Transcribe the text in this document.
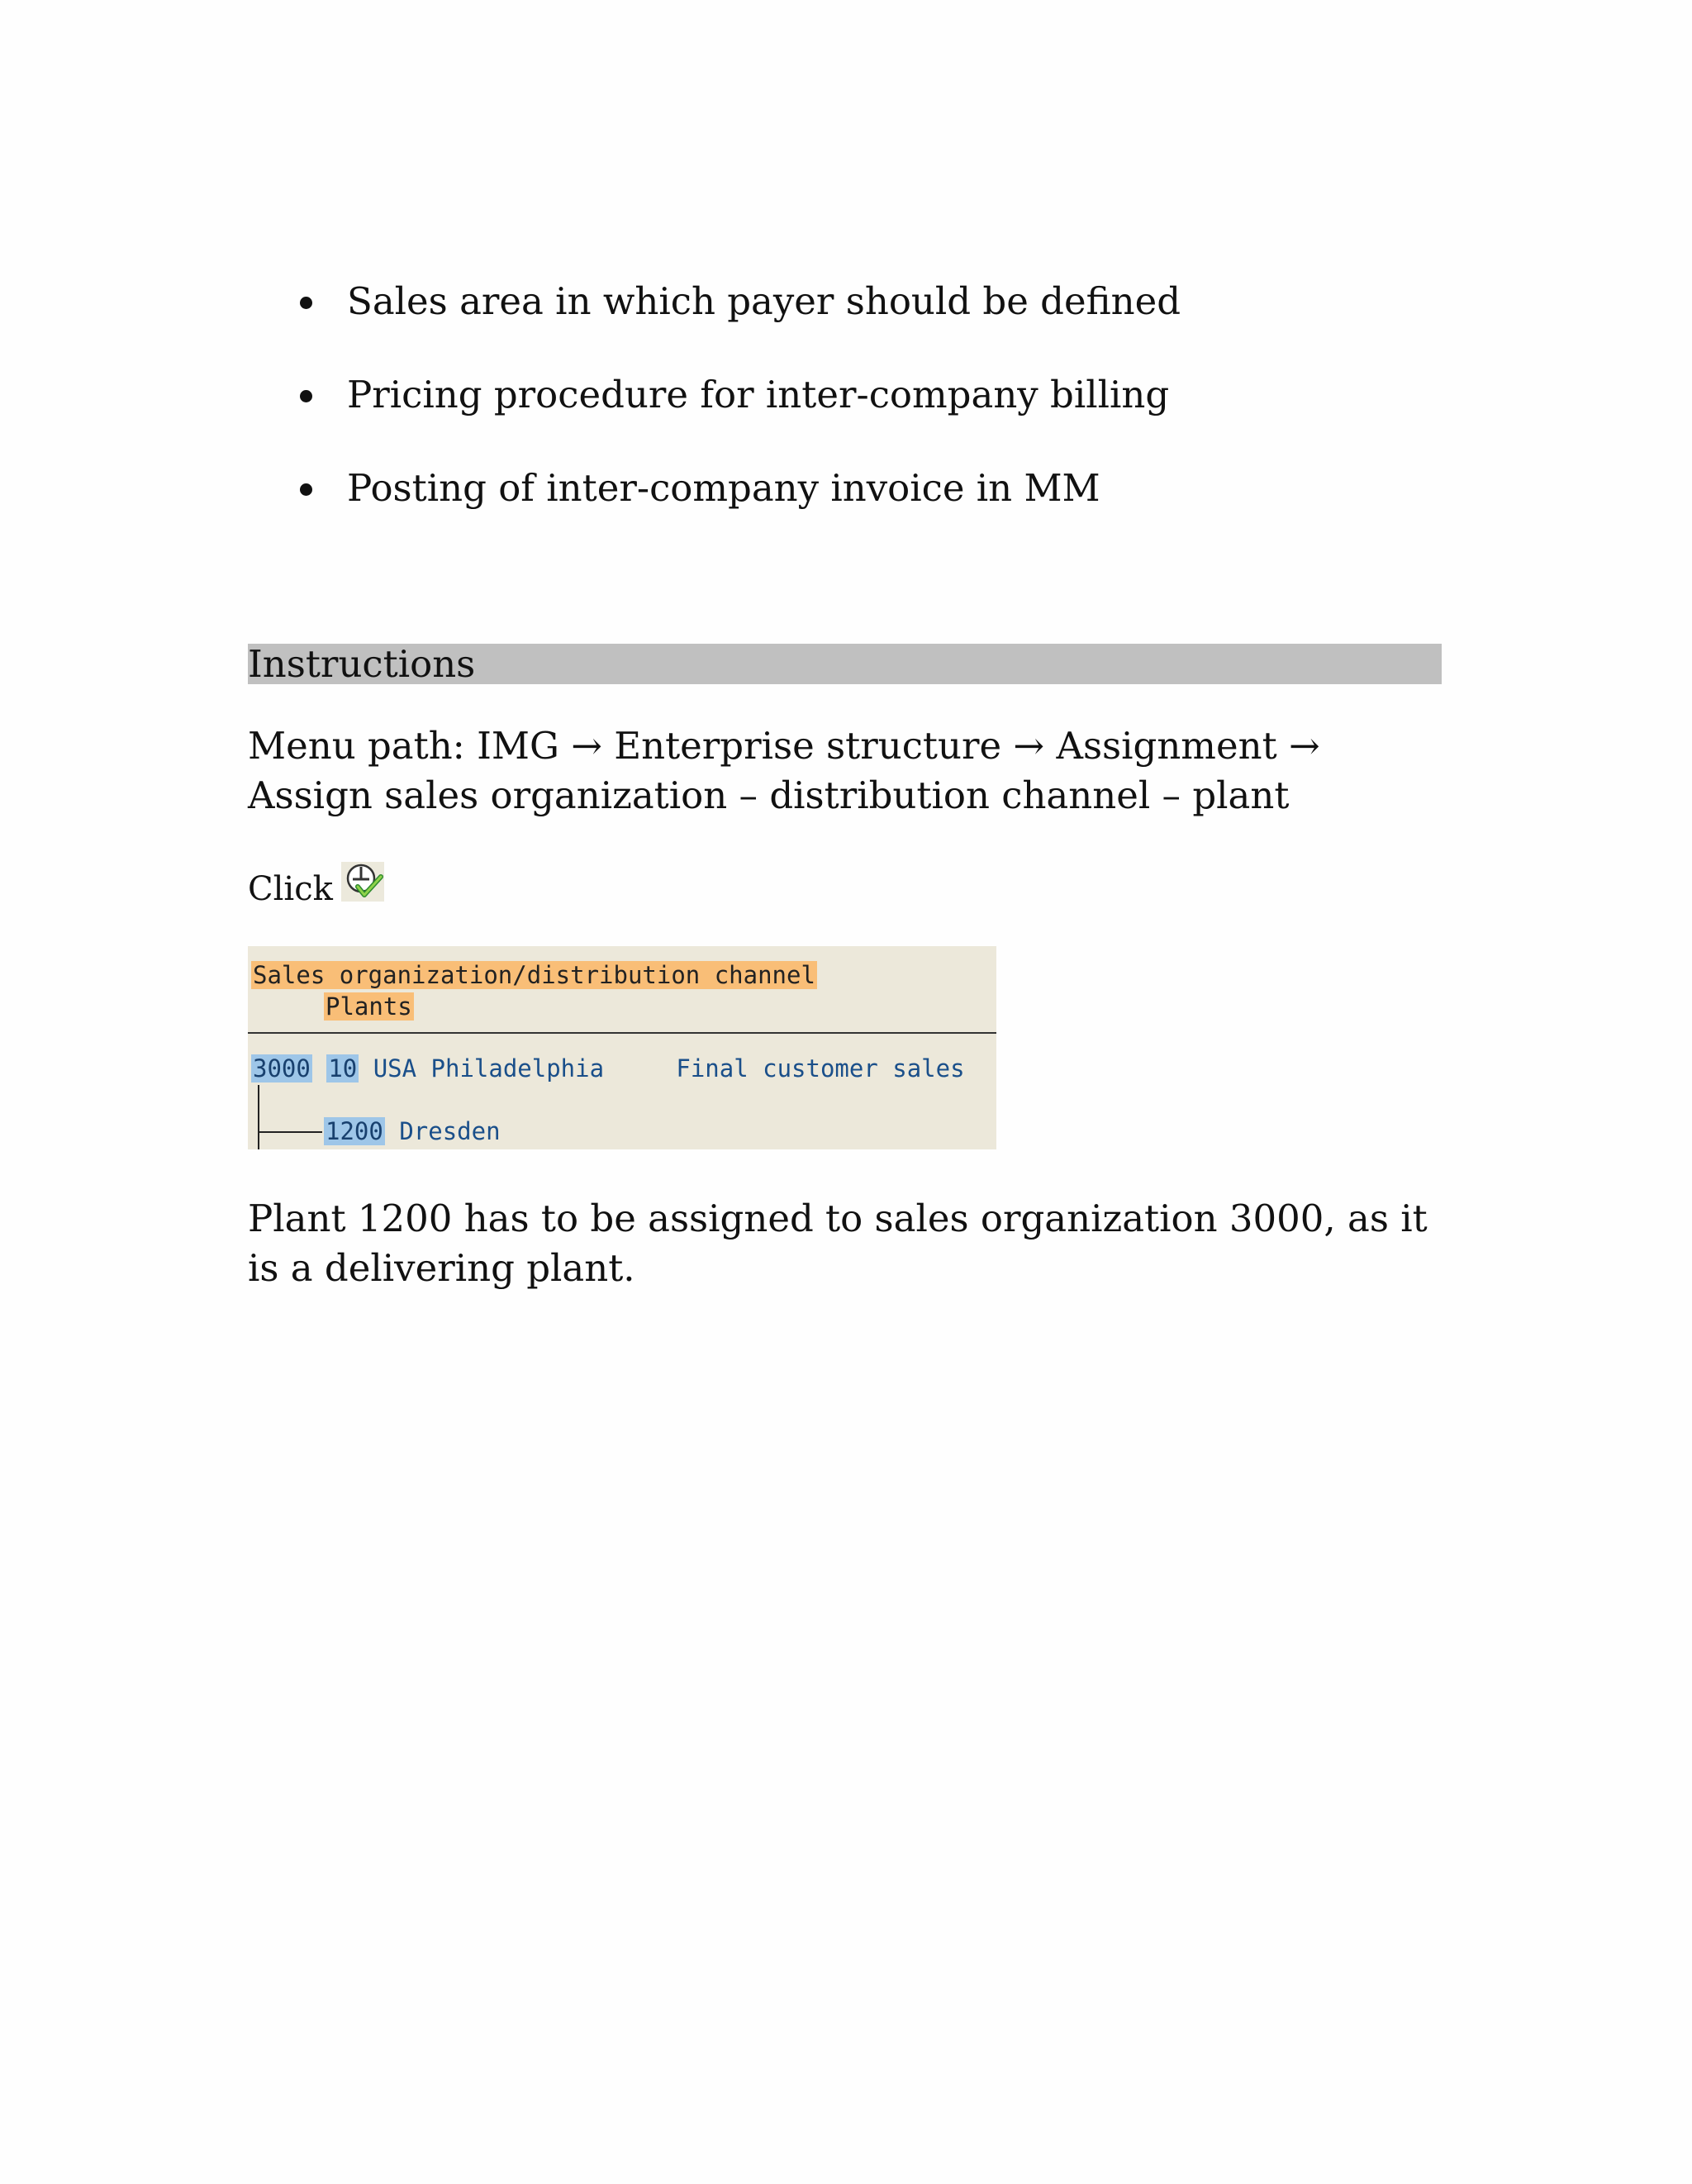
Sales area in which payer should be defined
Pricing procedure for inter-company billing
Posting of inter-company invoice in MM
Instructions
Menu path: IMG → Enterprise structure → Assignment →
Assign sales organization – distribution channel – plant
Click
Sales organization/distribution channel
Plants
3000 10 USA Philadelphia	Final customer sales
1200 Dresden
Plant 1200 has to be assigned to sales organization 3000, as it is a delivering plant.
